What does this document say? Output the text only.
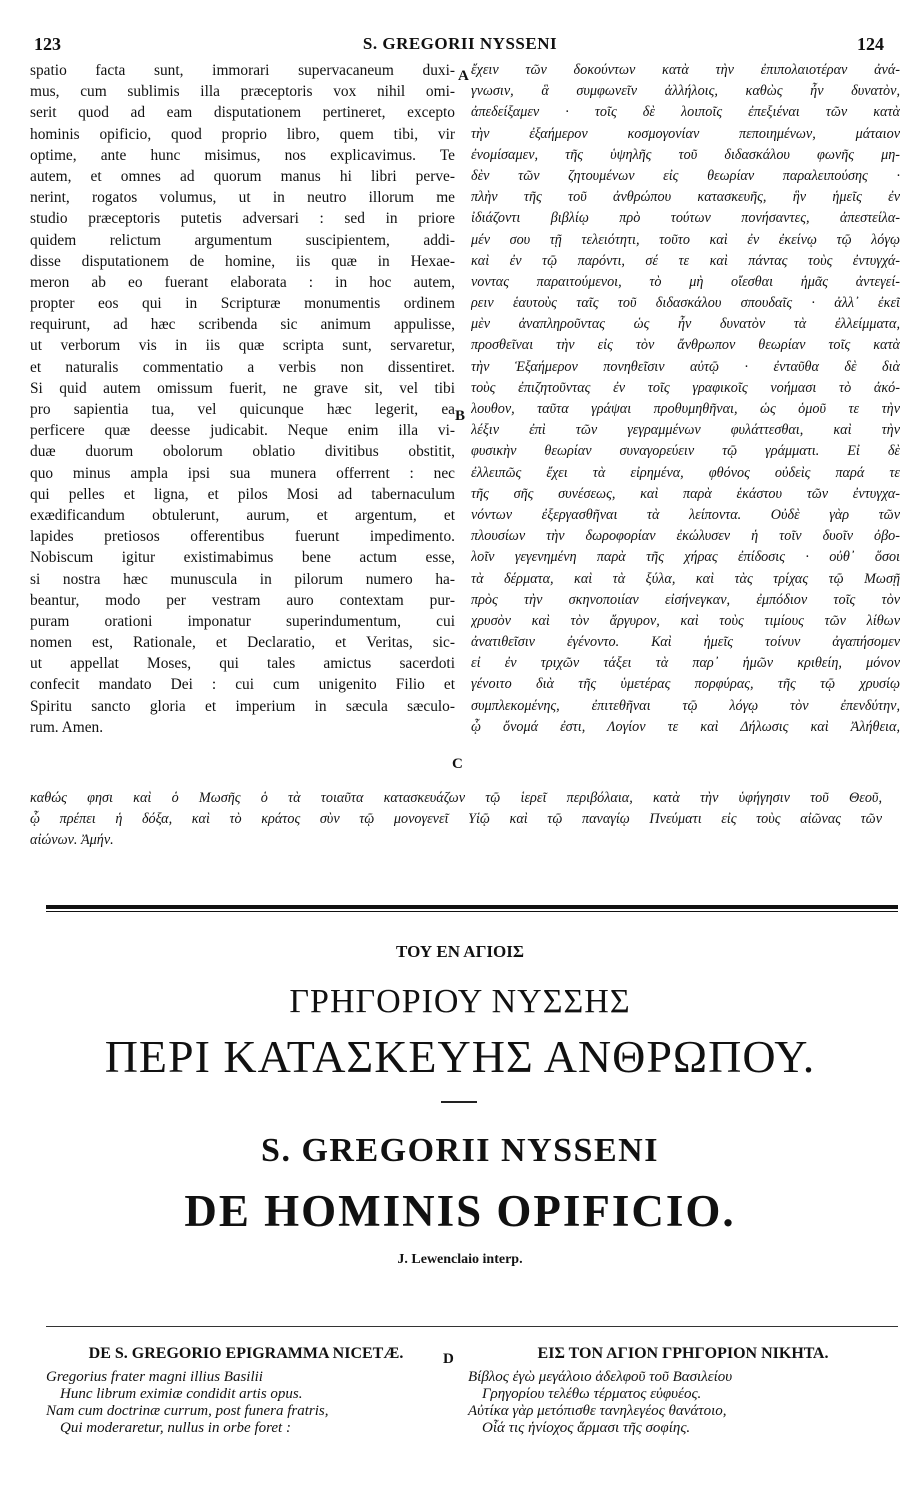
123	S. GREGORII NYSSENI	124
spatio facta sunt, immorari supervacaneum duxi-
mus, cum sublimis illa præceptoris vox nihil omi-
serit quod ad eam disputationem pertineret, excepto
hominis opificio, quod proprio libro, quem tibi, vir
optime, ante hunc misimus, nos explicavimus. Te
autem, et omnes ad quorum manus hi libri perve-
nerint, rogatos volumus, ut in neutro illorum me
studio præceptoris putetis adversari : sed in priore
quidem relictum argumentum suscipientem, addi-
disse disputationem de homine, iis quæ in Hexae-
meron ab eo fuerant elaborata : in hoc autem,
propter eos qui in Scripturæ monumentis ordinem
requirunt, ad hæc scribenda sic animum appulisse,
ut verborum vis in iis quæ scripta sunt, servaretur,
et naturalis commentatio a verbis non dissentiret.
Si quid autem omissum fuerit, ne grave sit, vel tibi
pro sapientia tua, vel quicunque hæc legerit, ea
perficere quæ deesse judicabit. Neque enim illa vi-
duæ duorum obolorum oblatio divitibus obstitit,
quo minus ampla ipsi sua munera offerrent : nec
qui pelles et ligna, et pilos Mosi ad tabernaculum
exædificandum obtulerunt, aurum, et argentum, et
lapides pretiosos offerentibus fuerunt impedimento.
Nobiscum igitur existimabimus bene actum esse,
si nostra hæc munuscula in pilorum numero ha-
beantur, modo per vestram auro contextam pur-
puram orationi imponatur superindumentum, cui
nomen est, Rationale, et Declaratio, et Veritas, sic-
ut appellat Moses, qui tales amictus sacerdoti
confecit mandato Dei : cui cum unigenito Filio et
Spiritu sancto gloria et imperium in sæcula sæculo-
rum. Amen.
ἔχειν τῶν δοκούντων κατὰ τὴν ἐπιπολαιοτέραν ἀνά-
γνωσιν, ἃ συμφωνεῖν ἀλλήλοις, καθὼς ἦν δυνατὸν,
ἀπεδείξαμεν · τοῖς δὲ λοιποῖς ἐπεξιέναι τῶν κατὰ
τὴν ἐξαήμερον κοσμογονίαν πεποιημένων, μάταιον
ἐνομίσαμεν, τῆς ὑψηλῆς τοῦ διδασκάλου φωνῆς μη-
δὲν τῶν ζητουμένων εἰς θεωρίαν παραλειπούσης ·
πλὴν τῆς τοῦ ἀνθρώπου κατασκευῆς, ἣν ἡμεῖς ἐν
ἰδιάζοντι βιβλίῳ πρὸ τούτων πονήσαντες, ἀπεστείλα-
μέν σου τῇ τελειότητι, τοῦτο καὶ ἐν ἐκείνῳ τῷ λόγῳ
καὶ ἐν τῷ παρόντι, σέ τε καὶ πάντας τοὺς ἐντυγχά-
νοντας παραιτούμενοι, τὸ μὴ οἴεσθαι ἡμᾶς ἀντεγεί-
ρειν ἑαυτοὺς ταῖς τοῦ διδασκάλου σπουδαῖς · ἀλλ᾽ ἐκεῖ
μὲν ἀναπληροῦντας ὡς ἦν δυνατὸν τὰ ἐλλείμματα,
προσθεῖναι τὴν εἰς τὸν ἄνθρωπον θεωρίαν τοῖς κατὰ
τὴν Ἑξαήμερον πονηθεῖσιν αὐτῷ · ἐνταῦθα δὲ διὰ
τοὺς ἐπιζητοῦντας ἐν τοῖς γραφικοῖς νοήμασι τὸ ἀκό-
λουθον, ταῦτα γράψαι προθυμηθῆναι, ὡς ὁμοῦ τε τὴν
λέξιν ἐπὶ τῶν γεγραμμένων φυλάττεσθαι, καὶ τὴν
φυσικὴν θεωρίαν συναγορεύειν τῷ γράμματι. Εἰ δὲ
ἐλλειπῶς ἔχει τὰ εἰρημένα, φθόνος οὐδεὶς παρά τε
τῆς σῆς συνέσεως, καὶ παρὰ ἑκάστου τῶν ἐντυγχα-
νόντων ἐξεργασθῆναι τὰ λείποντα. Οὐδὲ γὰρ τῶν
πλουσίων τὴν δωροφορίαν ἐκώλυσεν ἡ τοῖν δυοῖν ὀβο-
λοῖν γεγενημένη παρὰ τῆς χήρας ἐπίδοσις · οὐθ᾽ ὅσοι
τὰ δέρματα, καὶ τὰ ξύλα, καὶ τὰς τρίχας τῷ Μωσῇ
πρὸς τὴν σκηνοποιίαν εἰσήνεγκαν, ἐμπόδιον τοῖς τὸν
χρυσὸν καὶ τὸν ἄργυρον, καὶ τοὺς τιμίους τῶν λίθων
ἀνατιθεῖσιν ἐγένοντο. Καὶ ἡμεῖς τοίνυν ἀγαπήσομεν
εἰ ἐν τριχῶν τάξει τὰ παρ᾽ ἡμῶν κριθείη, μόνον
γένοιτο διὰ τῆς ὑμετέρας πορφύρας, τῆς τῷ χρυσίῳ
συμπλεκομένης, ἐπιτεθῆναι τῷ λόγῳ τὸν ἐπενδύτην,
ᾧ ὄνομά ἐστι, Λογίον τε καὶ Δήλωσις καὶ Ἀλήθεια,
A
B
C
καθώς φησι καὶ ὁ Μωσῆς ὁ τὰ τοιαῦτα κατασκευάζων τῷ ἱερεῖ περιβόλαια, κατὰ τὴν ὑφήγησιν τοῦ Θεοῦ,
ᾧ πρέπει ἡ δόξα, καὶ τὸ κράτος σὺν τῷ μονογενεῖ Υἱῷ καὶ τῷ παναγίῳ Πνεύματι εἰς τοὺς αἰῶνας τῶν
αἰώνων. Ἀμήν.
ΤΟΥ ΕΝ ΑΓΙΟΙΣ
ΓΡΗΓΟΡΙΟΥ ΝΥΣΣΗΣ
ΠΕΡΙ ΚΑΤΑΣΚΕΥΗΣ ΑΝΘΡΩΠΟΥ.
S. GREGORII NYSSENI
DE HOMINIS OPIFICIO.
J. Lewenclaio interp.
DE S. GREGORIO EPIGRAMMA NICETÆ.
Gregorius frater magni illius Basilii
Hunc librum eximiæ condidit artis opus.
Nam cum doctrinæ currum, post funera fratris,
Qui moderaretur, nullus in orbe foret :
D	ΕΙΣ ΤΟΝ ΑΓΙΟΝ ΓΡΗΓΟΡΙΟΝ ΝΙΚΗΤΑ.
Βίβλος ἐγὼ μεγάλοιο ἀδελφοῦ τοῦ Βασιλείου
Γρηγορίου τελέθω τέρματος εὐφυέος.
Αὐτίκα γὰρ μετόπισθε τανηλεγέος θανάτοιο,
Οἷά τις ἡνίοχος ἅρμασι τῆς σοφίης.
